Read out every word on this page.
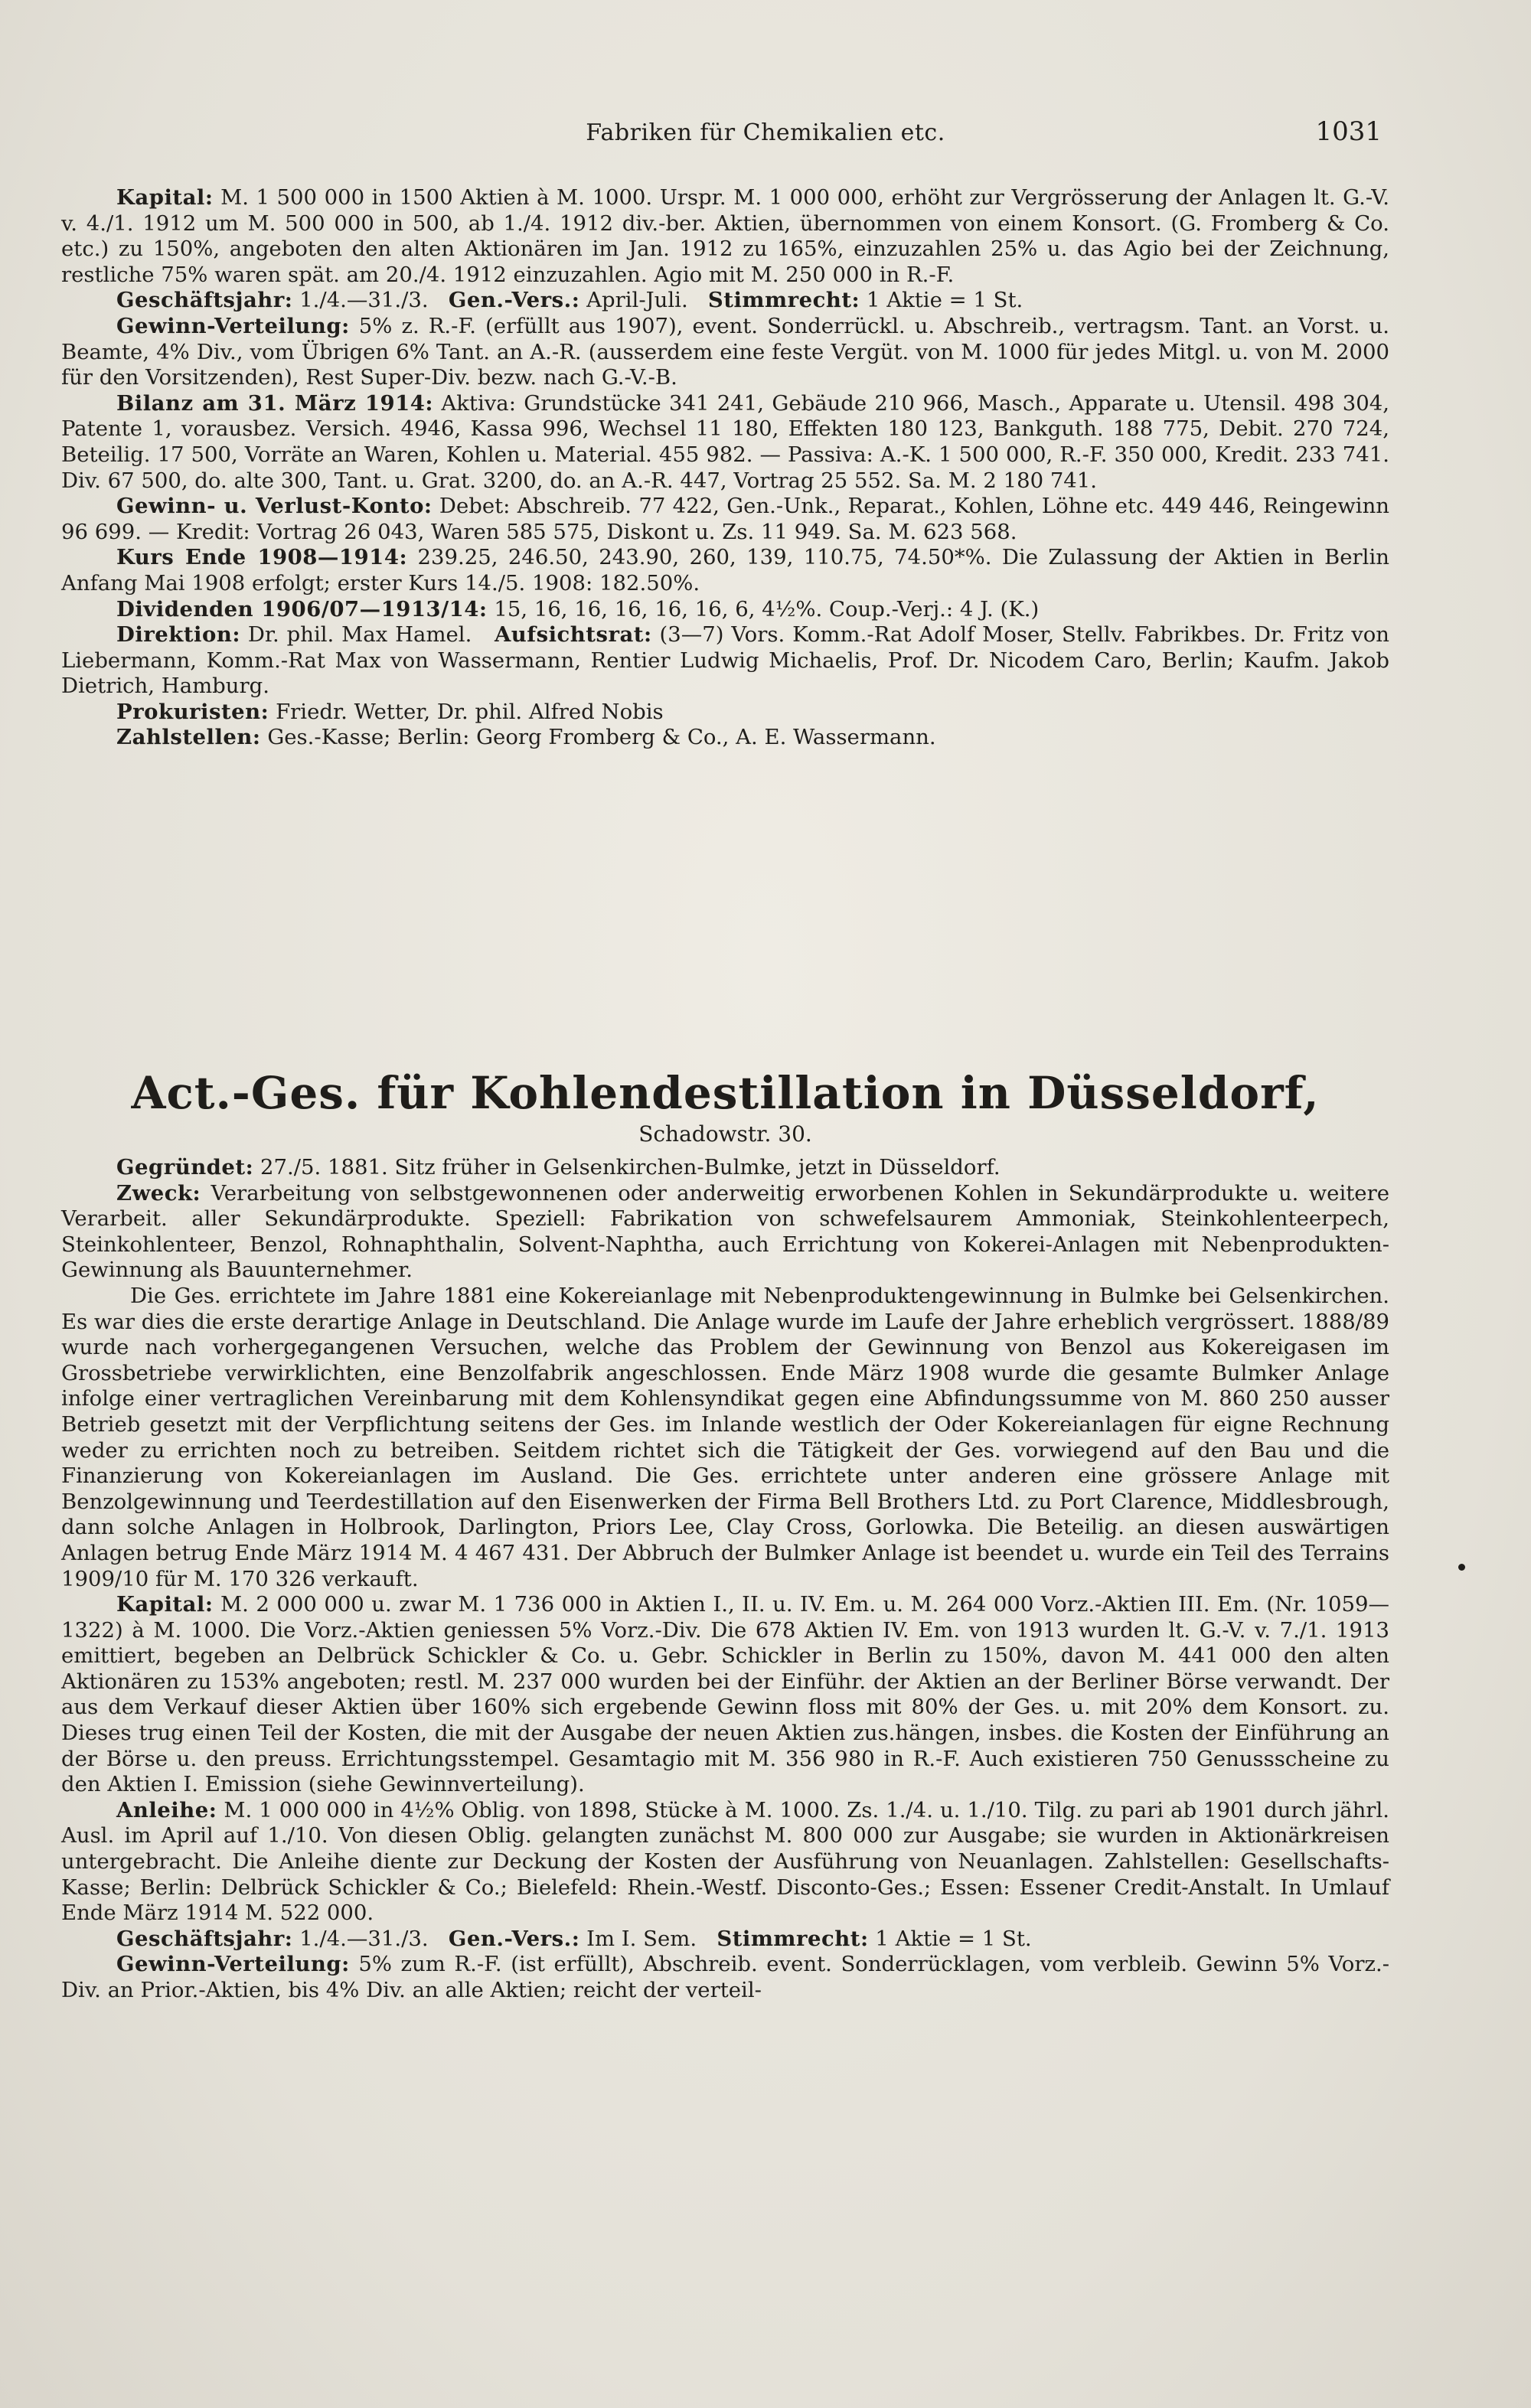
Fabriken für Chemikalien etc.	1031

Kapital: M. 1 500 000 in 1500 Aktien à M. 1000. Urspr. M. 1 000 000, erhöht zur Vergrösserung der Anlagen lt. G.-V. v. 4./1. 1912 um M. 500 000 in 500, ab 1./4. 1912 div.-ber. Aktien, übernommen von einem Konsort. (G. Fromberg & Co. etc.) zu 150%, angeboten den alten Aktionären im Jan. 1912 zu 165%, einzuzahlen 25% u. das Agio bei der Zeichnung, restliche 75% waren spät. am 20./4. 1912 einzuzahlen. Agio mit M. 250 000 in R.-F.

Geschäftsjahr: 1./4.—31./3. Gen.-Vers.: April-Juli. Stimmrecht: 1 Aktie = 1 St.

Gewinn-Verteilung: 5% z. R.-F. (erfüllt aus 1907), event. Sonderrückl. u. Abschreib., vertragsm. Tant. an Vorst. u. Beamte, 4% Div., vom Übrigen 6% Tant. an A.-R. (ausserdem eine feste Vergüt. von M. 1000 für jedes Mitgl. u. von M. 2000 für den Vorsitzenden), Rest Super-Div. bezw. nach G.-V.-B.

Bilanz am 31. März 1914: Aktiva: Grundstücke 341 241, Gebäude 210 966, Masch., Apparate u. Utensil. 498 304, Patente 1, vorausbez. Versich. 4946, Kassa 996, Wechsel 11 180, Effekten 180 123, Bankguth. 188 775, Debit. 270 724, Beteilig. 17 500, Vorräte an Waren, Kohlen u. Material. 455 982. — Passiva: A.-K. 1 500 000, R.-F. 350 000, Kredit. 233 741. Div. 67 500, do. alte 300, Tant. u. Grat. 3200, do. an A.-R. 447, Vortrag 25 552. Sa. M. 2 180 741.

Gewinn- u. Verlust-Konto: Debet: Abschreib. 77 422, Gen.-Unk., Reparat., Kohlen, Löhne etc. 449 446, Reingewinn 96 699. — Kredit: Vortrag 26 043, Waren 585 575, Diskont u. Zs. 11 949. Sa. M. 623 568.

Kurs Ende 1908—1914: 239.25, 246.50, 243.90, 260, 139, 110.75, 74.50*%. Die Zulassung der Aktien in Berlin Anfang Mai 1908 erfolgt; erster Kurs 14./5. 1908: 182.50%.

Dividenden 1906/07—1913/14: 15, 16, 16, 16, 16, 16, 6, 4½%. Coup.-Verj.: 4 J. (K.)

Direktion: Dr. phil. Max Hamel. Aufsichtsrat: (3—7) Vors. Komm.-Rat Adolf Moser, Stellv. Fabrikbes. Dr. Fritz von Liebermann, Komm.-Rat Max von Wassermann, Rentier Ludwig Michaelis, Prof. Dr. Nicodem Caro, Berlin; Kaufm. Jakob Dietrich, Hamburg.

Prokuristen: Friedr. Wetter, Dr. phil. Alfred Nobis

Zahlstellen: Ges.-Kasse; Berlin: Georg Fromberg & Co., A. E. Wassermann.

Act.-Ges. für Kohlendestillation in Düsseldorf,
Schadowstr. 30.

Gegründet: 27./5. 1881. Sitz früher in Gelsenkirchen-Bulmke, jetzt in Düsseldorf.

Zweck: Verarbeitung von selbstgewonnenen oder anderweitig erworbenen Kohlen in Sekundärprodukte u. weitere Verarbeit. aller Sekundärprodukte. Speziell: Fabrikation von schwefelsaurem Ammoniak, Steinkohlenteerpech, Steinkohlenteer, Benzol, Rohnaphthalin, Solvent-Naphtha, auch Errichtung von Kokerei-Anlagen mit Nebenprodukten-Gewinnung als Bauunternehmer.

Die Ges. errichtete im Jahre 1881 eine Kokereianlage mit Nebenproduktengewinnung in Bulmke bei Gelsenkirchen. Es war dies die erste derartige Anlage in Deutschland. Die Anlage wurde im Laufe der Jahre erheblich vergrössert. 1888/89 wurde nach vorhergegangenen Versuchen, welche das Problem der Gewinnung von Benzol aus Kokereigasen im Grossbetriebe verwirklichten, eine Benzolfabrik angeschlossen. Ende März 1908 wurde die gesamte Bulmker Anlage infolge einer vertraglichen Vereinbarung mit dem Kohlensyndikat gegen eine Abfindungssumme von M. 860 250 ausser Betrieb gesetzt mit der Verpflichtung seitens der Ges. im Inlande westlich der Oder Kokereianlagen für eigne Rechnung weder zu errichten noch zu betreiben. Seitdem richtet sich die Tätigkeit der Ges. vorwiegend auf den Bau und die Finanzierung von Kokereianlagen im Ausland. Die Ges. errichtete unter anderen eine grössere Anlage mit Benzolgewinnung und Teerdestillation auf den Eisenwerken der Firma Bell Brothers Ltd. zu Port Clarence, Middlesbrough, dann solche Anlagen in Holbrook, Darlington, Priors Lee, Clay Cross, Gorlowka. Die Beteilig. an diesen auswärtigen Anlagen betrug Ende März 1914 M. 4 467 431. Der Abbruch der Bulmker Anlage ist beendet u. wurde ein Teil des Terrains 1909/10 für M. 170 326 verkauft.

Kapital: M. 2 000 000 u. zwar M. 1 736 000 in Aktien I., II. u. IV. Em. u. M. 264 000 Vorz.-Aktien III. Em. (Nr. 1059—1322) à M. 1000. Die Vorz.-Aktien geniessen 5% Vorz.-Div. Die 678 Aktien IV. Em. von 1913 wurden lt. G.-V. v. 7./1. 1913 emittiert, begeben an Delbrück Schickler & Co. u. Gebr. Schickler in Berlin zu 150%, davon M. 441 000 den alten Aktionären zu 153% angeboten; restl. M. 237 000 wurden bei der Einführ. der Aktien an der Berliner Börse verwandt. Der aus dem Verkauf dieser Aktien über 160% sich ergebende Gewinn floss mit 80% der Ges. u. mit 20% dem Konsort. zu. Dieses trug einen Teil der Kosten, die mit der Ausgabe der neuen Aktien zus.hängen, insbes. die Kosten der Einführung an der Börse u. den preuss. Errichtungsstempel. Gesamtagio mit M. 356 980 in R.-F. Auch existieren 750 Genussscheine zu den Aktien I. Emission (siehe Gewinnverteilung).

Anleihe: M. 1 000 000 in 4½% Oblig. von 1898, Stücke à M. 1000. Zs. 1./4. u. 1./10. Tilg. zu pari ab 1901 durch jährl. Ausl. im April auf 1./10. Von diesen Oblig. gelangten zunächst M. 800 000 zur Ausgabe; sie wurden in Aktionärkreisen untergebracht. Die Anleihe diente zur Deckung der Kosten der Ausführung von Neuanlagen. Zahlstellen: Gesellschafts-Kasse; Berlin: Delbrück Schickler & Co.; Bielefeld: Rhein.-Westf. Disconto-Ges.; Essen: Essener Credit-Anstalt. In Umlauf Ende März 1914 M. 522 000.

Geschäftsjahr: 1./4.—31./3. Gen.-Vers.: Im I. Sem. Stimmrecht: 1 Aktie = 1 St.

Gewinn-Verteilung: 5% zum R.-F. (ist erfüllt), Abschreib. event. Sonderrücklagen, vom verbleib. Gewinn 5% Vorz.-Div. an Prior.-Aktien, bis 4% Div. an alle Aktien; reicht der verteil-
